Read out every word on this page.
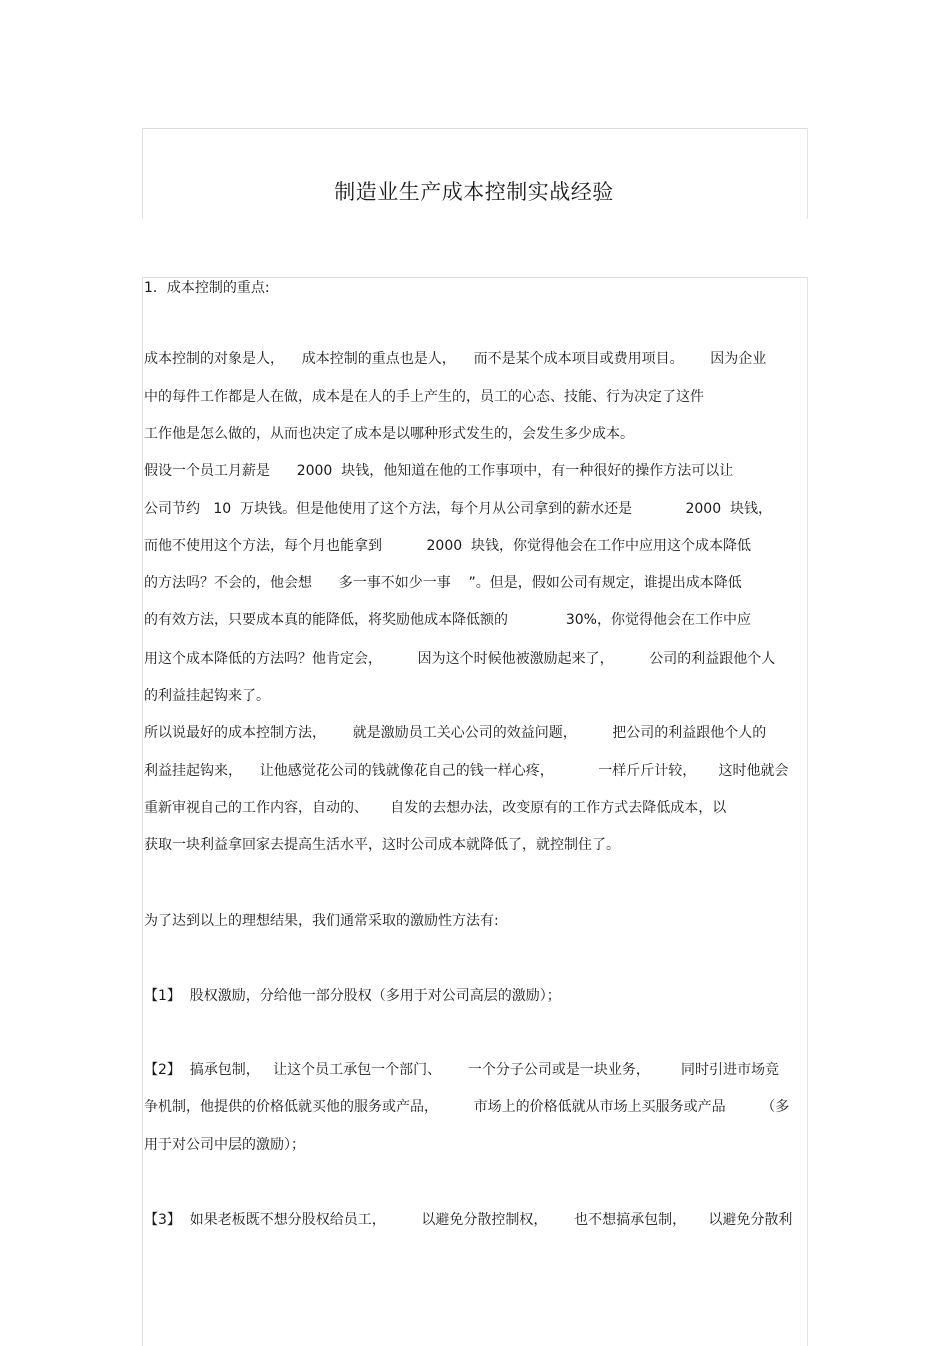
制造业生产成本控制实战经验

1．成本控制的重点:

成本控制的对象是人，    成本控制的重点也是人，    而不是某个成本项目或费用项目。      因为企业

中的每件工作都是人在做，成本是在人的手上产生的，员工的心态、技能、行为决定了这件

工作他是怎么做的，从而也决定了成本是以哪种形式发生的，会发生多少成本。

假设一个员工月薪是      2000  块钱，他知道在他的工作事项中，有一种很好的操作方法可以让

公司节约   10  万块钱。但是他使用了这个方法，每个月从公司拿到的薪水还是            2000  块钱，

而他不使用这个方法，每个月也能拿到          2000  块钱，你觉得他会在工作中应用这个成本降低

的方法吗？不会的，他会想      多一事不如少一事    ”。但是，假如公司有规定，谁提出成本降低

的有效方法，只要成本真的能降低，将奖励他成本降低额的             30%，你觉得他会在工作中应

用这个成本降低的方法吗？他肯定会，        因为这个时候他被激励起来了，        公司的利益跟他个人

的利益挂起钩来了。

所以说最好的成本控制方法，      就是激励员工关心公司的效益问题，        把公司的利益跟他个人的

利益挂起钩来，    让他感觉花公司的钱就像花自己的钱一样心疼，          一样斤斤计较，     这时他就会

重新审视自己的工作内容，自动的、     自发的去想办法，改变原有的工作方式去降低成本，以

获取一块利益拿回家去提高生活水平，这时公司成本就降低了，就控制住了。

为了达到以上的理想结果，我们通常采取的激励性方法有:

【1】  股权激励，分给他一部分股权（多用于对公司高层的激励）；

【2】  搞承包制，   让这个员工承包一个部门、      一个分子公司或是一块业务，       同时引进市场竞

争机制，他提供的价格低就买他的服务或产品，        市场上的价格低就从市场上买服务或产品        （多

用于对公司中层的激励）；

【3】  如果老板既不想分股权给员工，        以避免分散控制权，      也不想搞承包制，     以避免分散利
